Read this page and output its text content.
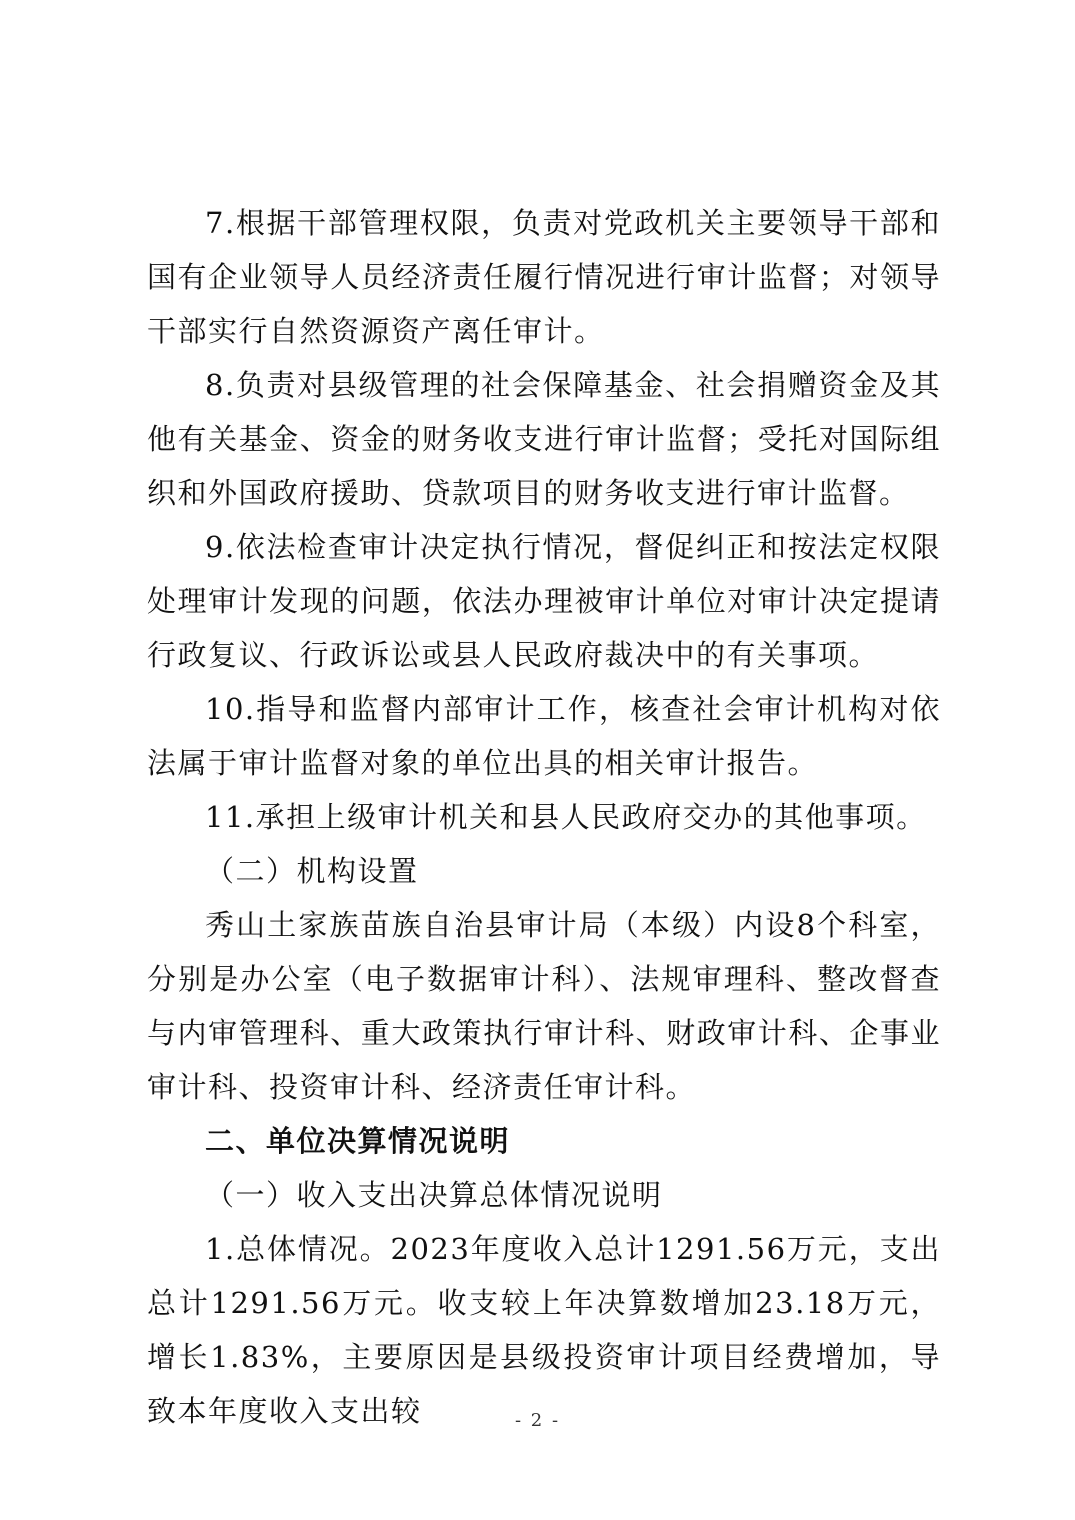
7.根据干部管理权限，负责对党政机关主要领导干部和国有企业领导人员经济责任履行情况进行审计监督；对领导干部实行自然资源资产离任审计。

8.负责对县级管理的社会保障基金、社会捐赠资金及其他有关基金、资金的财务收支进行审计监督；受托对国际组织和外国政府援助、贷款项目的财务收支进行审计监督。

9.依法检查审计决定执行情况，督促纠正和按法定权限处理审计发现的问题，依法办理被审计单位对审计决定提请行政复议、行政诉讼或县人民政府裁决中的有关事项。

10.指导和监督内部审计工作，核查社会审计机构对依法属于审计监督对象的单位出具的相关审计报告。

11.承担上级审计机关和县人民政府交办的其他事项。

（二）机构设置

秀山土家族苗族自治县审计局（本级）内设8个科室，分别是办公室（电子数据审计科）、法规审理科、整改督查与内审管理科、重大政策执行审计科、财政审计科、企事业审计科、投资审计科、经济责任审计科。

二、单位决算情况说明

（一）收入支出决算总体情况说明

1.总体情况。2023年度收入总计1291.56万元，支出总计1291.56万元。收支较上年决算数增加23.18万元，增长1.83%，主要原因是县级投资审计项目经费增加，导致本年度收入支出较	- 2 -
